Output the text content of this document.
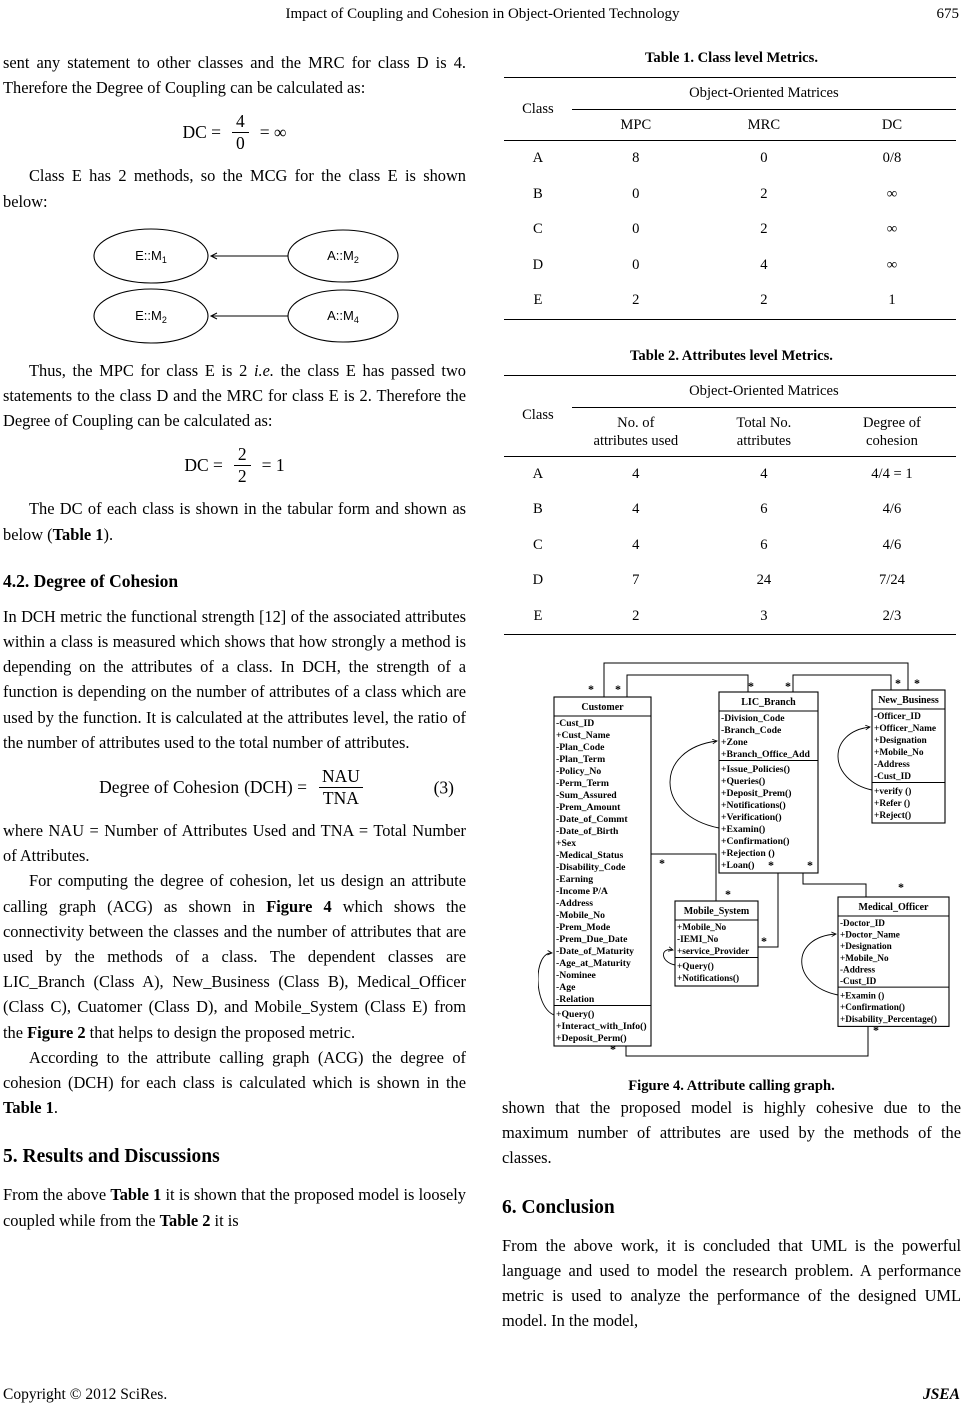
Impact of Coupling and Cohesion in Object-Oriented Technology	675

sent any statement to other classes and the MRC for class D is 4. Therefore the Degree of Coupling can be calculated as:

DC = $\frac{4}{0}$ = ∞

Class E has 2 methods, so the MCG for the class E is shown below:

$E::M_1$	$A::M_2$
$E::M_2$	$A::M_4$

Thus, the MPC for class E is 2 i.e. the class E has passed two statements to the class D and the MRC for class E is 2. Therefore the Degree of Coupling can be calculated as:

DC = $\frac{2}{2} = 1$

The DC of each class is shown in the tabular form and shown as below (Table 1).

4.2. Degree of Cohesion

In DCH metric the functional strength [12] of the associated attributes within a class is measured which shows that how strongly a method is depending on the attributes of a class. In DCH, the strength of a function is depending on the number of attributes of a class which are used by the function. It is calculated at the attributes level, the ratio of the number of attributes used to the total number of attributes.

Degree of Cohesion $(DCH) = \frac{\text{NAU}}{\text{TNA}}$	(3)

where NAU = Number of Attributes Used and TNA = Total Number of Attributes.

For computing the degree of cohesion, let us design an attribute calling graph (ACG) as shown in Figure 4 which shows the connectivity between the classes and the number of attributes that are used by the methods of a class. The dependent classes are LIC_Branch (Class A), New_Business (Class B), Medical_Officer (Class C), Cuatomer (Class D), and Mobile_System (Class E) from the Figure 2 that helps to design the proposed metric.

According to the attribute calling graph (ACG) the degree of cohesion (DCH) for each class is calculated which is shown in the Table 1.

5. Results and Discussions

From the above Table 1 it is shown that the proposed model is loosely coupled while from the Table 2 it is

Table 1. Class level Metrics.
Class	Object-Oriented Matrices		

	MPC	MRC	DC

A	8	0	0/8
B	0	2	∞
C	0	2	∞
D	0	4	∞
E	2	2	1
Table 2. Attributes level Metrics.
Class	Object-Oriented Matrices		

No. of
attributes used

Total No.
attributes

Degree of
cohesion

A	4	4	4/4 = 1
B	4	6	4/6
C	4	6	4/6
D	7	24	7/24
E	2	3	2/3
Customer
-Cust_ID
+Cust_Name
-Plan_Code
-Plan_Term
-Policy_No
-Perm_Term
-Sum_Assured
-Prem_Amount
-Date_of_Commt
-Date_of_Birth
+Sex
-Medical_Status
-Disability_Code
-Earning
-Income P/A
-Address
-Mobile_No
-Prem_Mode
-Prem_Due_Date
-Date_of_Maturity
-Age_at_Maturity
-Nominee
-Age
-Relation
+Query()
+Interact_with_Info()
+Deposit_Perm()
LIC_Branch
-Division_Code
-Branch_Code
+Zone
+Branch_Office_Add
+Issue_Policies()
+Queries()
+Deposit_Prem()
+Notifications()
+Verification()
+Examin()
+Confirmation()
+Rejection ()
+Loan()
New_Business
-Officer_ID
+Officer_Name
+Designation
+Mobile_No
-Address
-Cust_ID
+verify ()
+Refer ()
+Reject()
Mobile_System
+Mobile_No
-IEMI_No
+service_Provider
+Query()
+Notifications()
Medical_Officer
-Doctor_ID
+Doctor_Name
+Designation
+Mobile_No
-Address
-Cust_ID
+Examin ()
+Confirmation()
+Disability_Percentage()
* *	*	*	* *
*
*
*
*
*
*
*
*
Figure 4. Attribute calling graph.

shown that the proposed model is highly cohesive due to the maximum number of attributes are used by the methods of the classes.

6. Conclusion

From the above work, it is concluded that UML is the powerful language and used to model the research problem. A performance metric is used to analyze the performance of the designed UML model. In the model,

Copyright © 2012 SciRes.	JSEA
